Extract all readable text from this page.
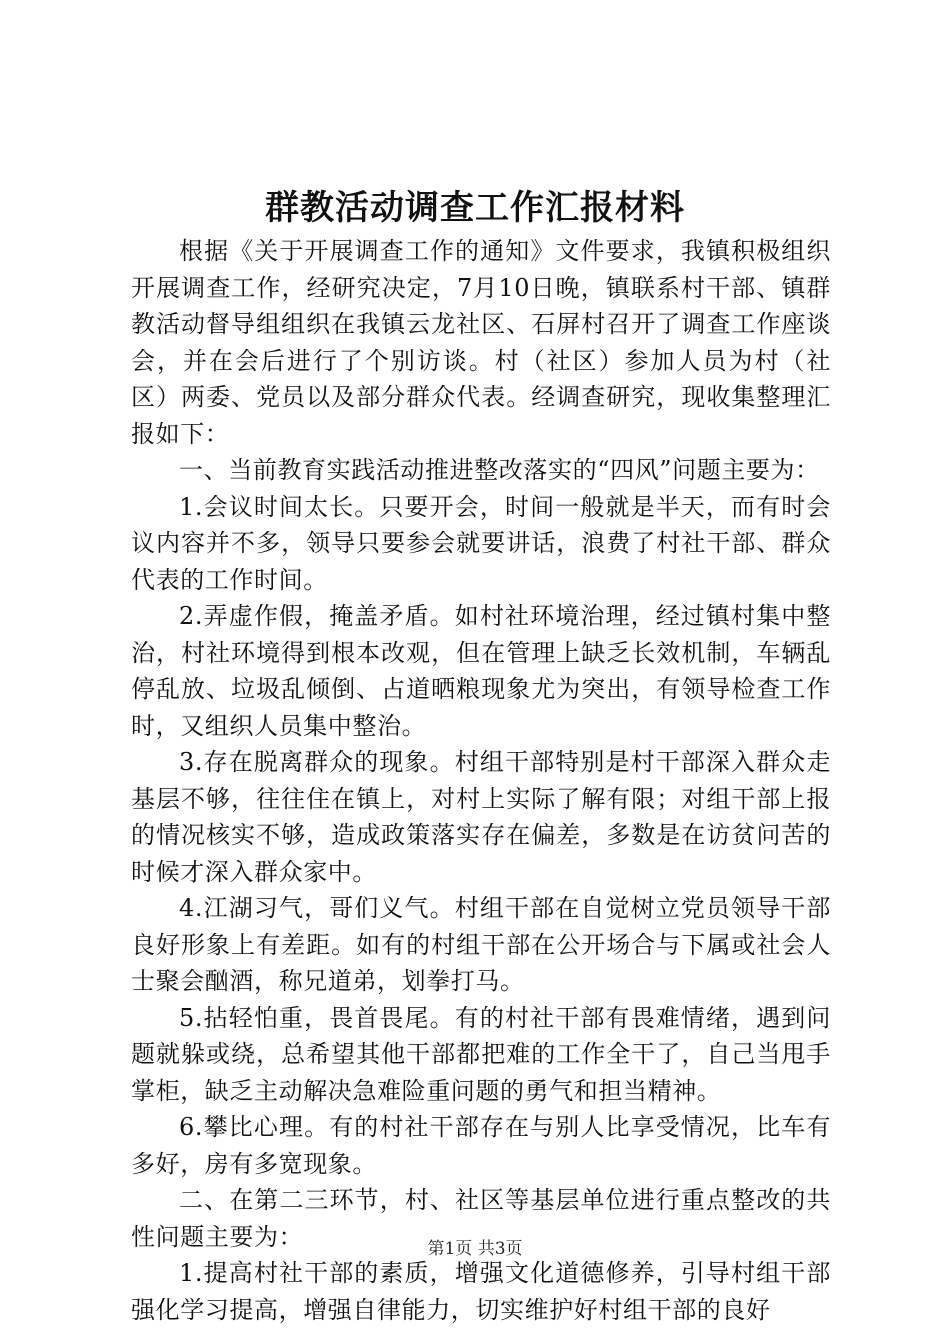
群教活动调查工作汇报材料

根据《关于开展调查工作的通知》文件要求，我镇积极组织开展调查工作，经研究决定，7月10日晚，镇联系村干部、镇群教活动督导组组织在我镇云龙社区、石屏村召开了调查工作座谈会，并在会后进行了个别访谈。村（社区）参加人员为村（社区）两委、党员以及部分群众代表。经调查研究，现收集整理汇报如下：

一、当前教育实践活动推进整改落实的“四风”问题主要为：

1.会议时间太长。只要开会，时间一般就是半天，而有时会议内容并不多，领导只要参会就要讲话，浪费了村社干部、群众代表的工作时间。

2.弄虚作假，掩盖矛盾。如村社环境治理，经过镇村集中整治，村社环境得到根本改观，但在管理上缺乏长效机制，车辆乱停乱放、垃圾乱倾倒、占道晒粮现象尤为突出，有领导检查工作时，又组织人员集中整治。

3.存在脱离群众的现象。村组干部特别是村干部深入群众走基层不够，往往住在镇上，对村上实际了解有限；对组干部上报的情况核实不够，造成政策落实存在偏差，多数是在访贫问苦的时候才深入群众家中。

4.江湖习气，哥们义气。村组干部在自觉树立党员领导干部良好形象上有差距。如有的村组干部在公开场合与下属或社会人士聚会酗酒，称兄道弟，划拳打马。

5.拈轻怕重，畏首畏尾。有的村社干部有畏难情绪，遇到问题就躲或绕，总希望其他干部都把难的工作全干了，自己当甩手掌柜，缺乏主动解决急难险重问题的勇气和担当精神。

6.攀比心理。有的村社干部存在与别人比享受情况，比车有多好，房有多宽现象。

二、在第二三环节，村、社区等基层单位进行重点整改的共性问题主要为：

1.提高村社干部的素质，增强文化道德修养，引导村组干部强化学习提高，增强自律能力，切实维护好村组干部的良好

第1页 共3页
